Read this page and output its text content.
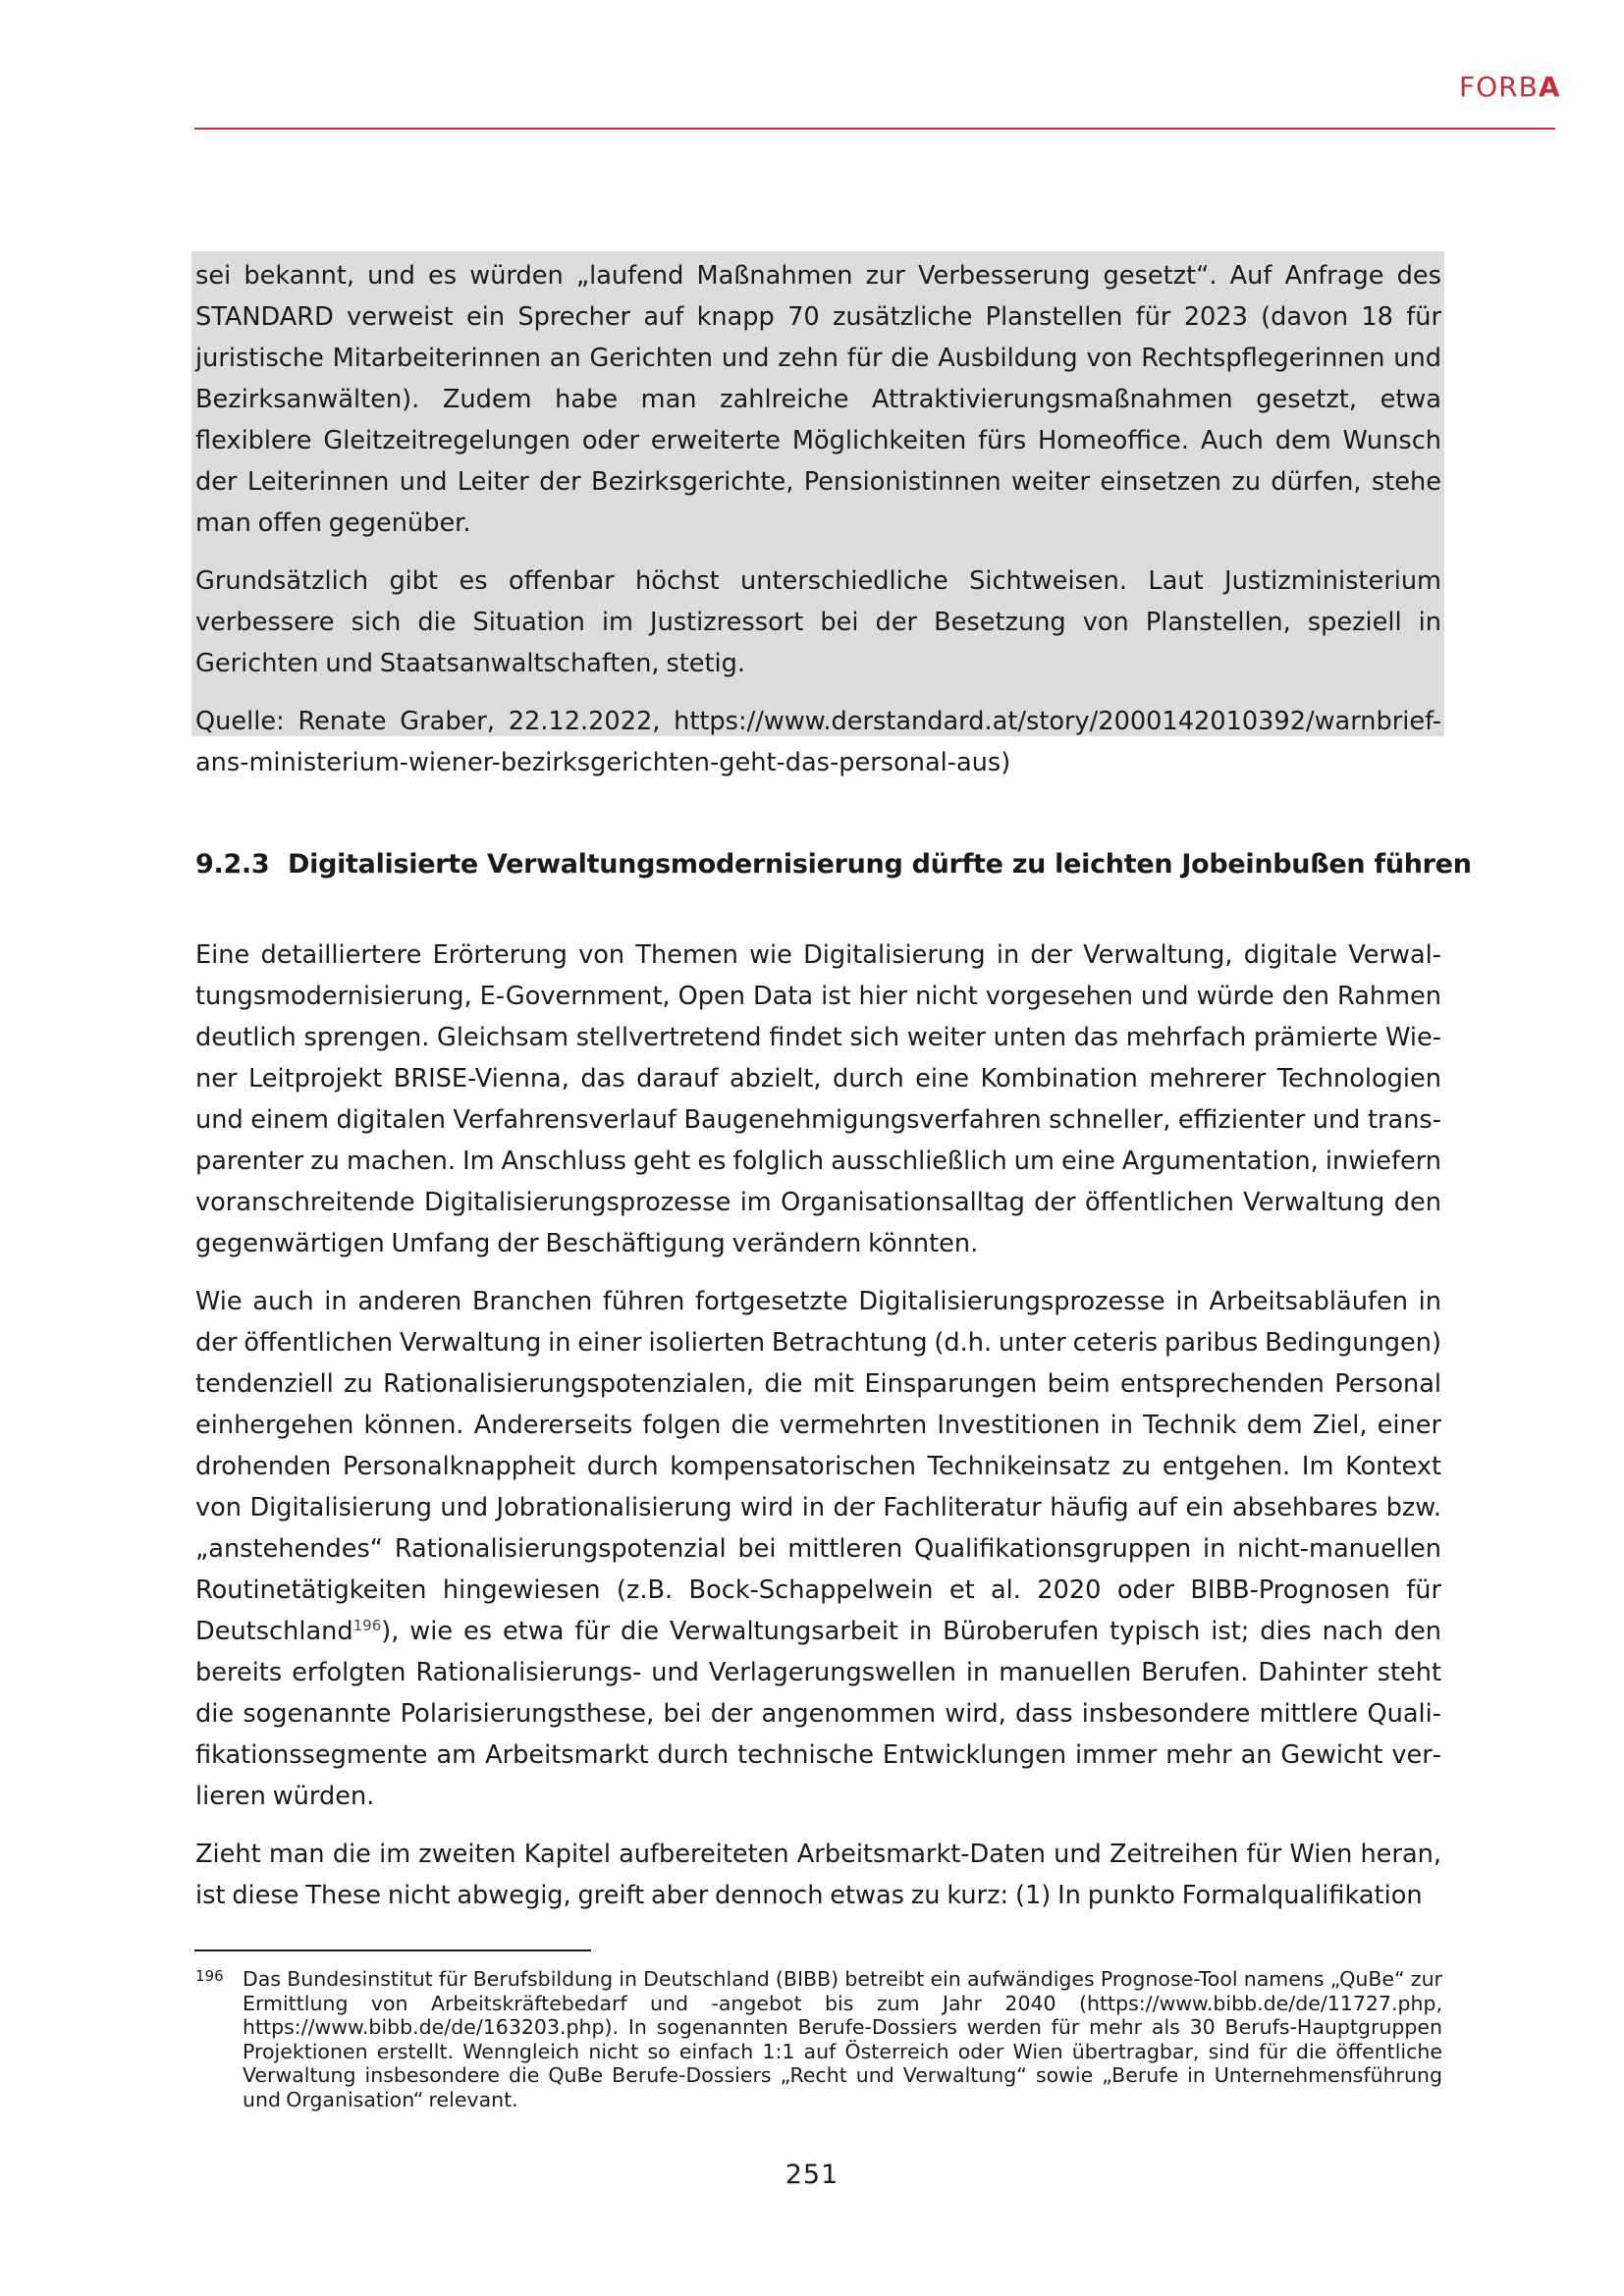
FORBA

sei bekannt, und es würden „laufend Maßnahmen zur Verbesserung gesetzt“. Auf Anfrage des STANDARD verweist ein Sprecher auf knapp 70 zusätzliche Planstellen für 2023 (davon 18 für juristische Mitarbeiterinnen an Gerichten und zehn für die Ausbildung von Rechtspflegerinnen und Bezirksanwälten). Zudem habe man zahlreiche Attraktivierungsmaßnahmen gesetzt, etwa flexiblere Gleitzeitregelungen oder erweiterte Möglichkeiten fürs Homeoffice. Auch dem Wunsch der Leiterinnen und Leiter der Bezirksgerichte, Pensionistinnen weiter einsetzen zu dürfen, stehe man offen gegenüber.

Grundsätzlich gibt es offenbar höchst unterschiedliche Sichtweisen. Laut Justizministerium verbessere sich die Situation im Justizressort bei der Besetzung von Planstellen, speziell in Gerichten und Staatsanwaltschaften, stetig.

Quelle: Renate Graber, 22.12.2022, https://www.derstandard.at/story/2000142010392/warnbrief-​ans-ministerium-wiener-bezirksgerichten-geht-das-personal-aus)

9.2.3 Digitalisierte Verwaltungsmodernisierung dürfte zu leichten Jobeinbußen führen

Eine detailliertere Erörterung von Themen wie Digitalisierung in der Verwaltung, digitale Verwaltungsmodernisierung, E-Government, Open Data ist hier nicht vorgesehen und würde den Rahmen deutlich sprengen. Gleichsam stellvertretend findet sich weiter unten das mehrfach prämierte Wiener Leitprojekt BRISE-Vienna, das darauf abzielt, durch eine Kombination mehrerer Technologien und einem digitalen Verfahrensverlauf Baugenehmigungsverfahren schneller, effizienter und transparenter zu machen. Im Anschluss geht es folglich ausschließlich um eine Argumentation, inwiefern voranschreitende Digitalisierungsprozesse im Organisationsalltag der öffentlichen Verwaltung den gegenwärtigen Umfang der Beschäftigung verändern könnten.

Wie auch in anderen Branchen führen fortgesetzte Digitalisierungsprozesse in Arbeitsabläufen in der öffentlichen Verwaltung in einer isolierten Betrachtung (d.h. unter ceteris paribus Bedingungen) tendenziell zu Rationalisierungspotenzialen, die mit Einsparungen beim entsprechenden Personal einhergehen können. Andererseits folgen die vermehrten Investitionen in Technik dem Ziel, einer drohenden Personalknappheit durch kompensatorischen Technikeinsatz zu entgehen. Im Kontext von Digitalisierung und Jobrationalisierung wird in der Fachliteratur häufig auf ein absehbares bzw. „anstehendes“ Rationalisierungspotenzial bei mittleren Qualifikationsgruppen in nicht-manuellen Routinetätigkeiten hingewiesen (z.B. Bock-Schappelwein et al. 2020 oder BIBB-Prognosen für Deutschland$^{196}$), wie es etwa für die Verwaltungsarbeit in Büroberufen typisch ist; dies nach den bereits erfolgten Rationalisierungs- und Verlagerungswellen in manuellen Berufen. Dahinter steht die sogenannte Polarisierungsthese, bei der angenommen wird, dass insbesondere mittlere Qualifikationssegmente am Arbeitsmarkt durch technische Entwicklungen immer mehr an Gewicht verlieren würden.

Zieht man die im zweiten Kapitel aufbereiteten Arbeitsmarkt-Daten und Zeitreihen für Wien heran, ist diese These nicht abwegig, greift aber dennoch etwas zu kurz: (1) In punkto Formalqualifikation

196 Das Bundesinstitut für Berufsbildung in Deutschland (BIBB) betreibt ein aufwändiges Prognose-Tool namens „QuBe“ zur Ermittlung von Arbeitskräftebedarf und -angebot bis zum Jahr 2040 (https://www.bibb.de/de/11727.php, https://www.bibb.de/de/163203.php). In sogenannten Berufe-Dossiers werden für mehr als 30 Berufs-Hauptgruppen Projektionen erstellt. Wenngleich nicht so einfach 1:1 auf Österreich oder Wien übertragbar, sind für die öffentliche Verwaltung insbesondere die QuBe Berufe-Dossiers „Recht und Verwaltung“ sowie „Berufe in Unternehmensführung und Organisation“ relevant.
251
